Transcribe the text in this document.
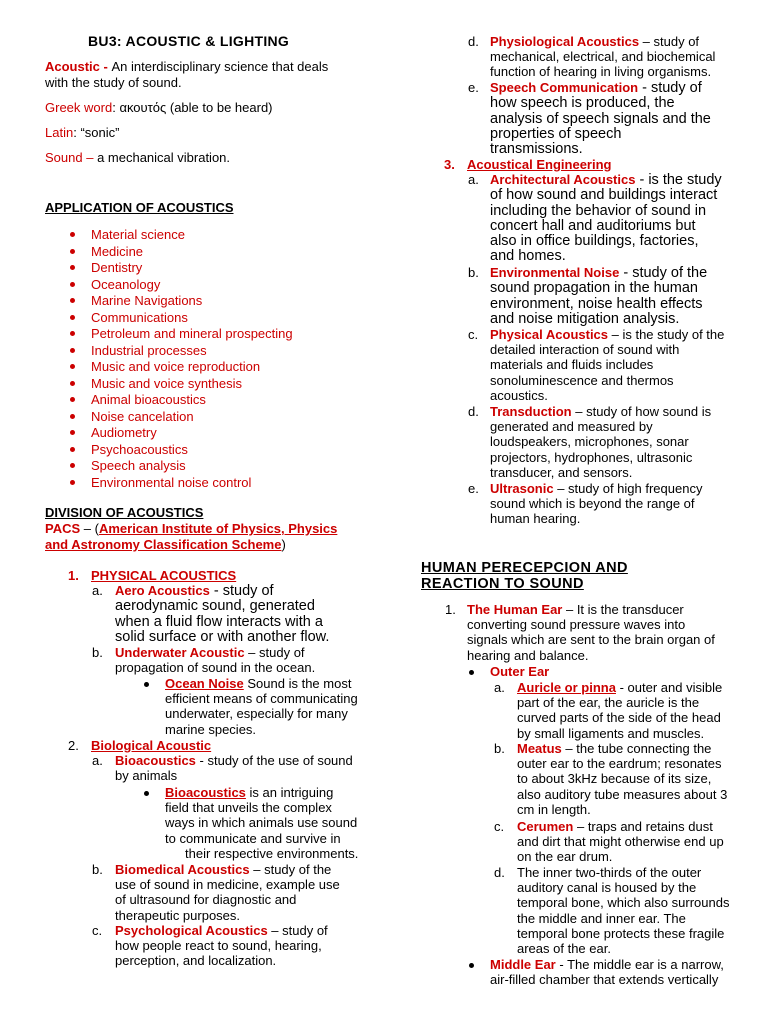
BU3: ACOUSTIC & LIGHTING
Acoustic - An interdisciplinary science that deals
with the study of sound.
Greek word: ακουτός (able to be heard)
Latin: “sonic”
Sound – a mechanical vibration.
APPLICATION OF ACOUSTICS
Material science
Medicine
Dentistry
Oceanology
Marine Navigations
Communications
Petroleum and mineral prospecting
Industrial processes
Music and voice reproduction
Music and voice synthesis
Animal bioacoustics
Noise cancelation
Audiometry
Psychoacoustics
Speech analysis
Environmental noise control
DIVISION OF ACOUSTICS
PACS – (American Institute of Physics, Physics
and Astronomy Classification Scheme)
1. PHYSICAL ACOUSTICS
a. Aero Acoustics - study of
aerodynamic sound, generated
when a fluid flow interacts with a
solid surface or with another flow.
b. Underwater Acoustic – study of
propagation of sound in the ocean.
Ocean Noise Sound is the most
efficient means of communicating
underwater, especially for many
marine species.
2. Biological Acoustic
a. Bioacoustics - study of the use of sound
by animals
Bioacoustics is an intriguing
field that unveils the complex
ways in which animals use sound
to communicate and survive in
their respective environments.
b. Biomedical Acoustics – study of the
use of sound in medicine, example use
of ultrasound for diagnostic and
therapeutic purposes.
c. Psychological Acoustics – study of
how people react to sound, hearing,
perception, and localization.
d. Physiological Acoustics – study of
mechanical, electrical, and biochemical
function of hearing in living organisms.
e. Speech Communication - study of
how speech is produced, the
analysis of speech signals and the
properties of speech
transmissions.
3. Acoustical Engineering
a. Architectural Acoustics - is the study
of how sound and buildings interact
including the behavior of sound in
concert hall and auditoriums but
also in office buildings, factories,
and homes.
b. Environmental Noise - study of the
sound propagation in the human
environment, noise health effects
and noise mitigation analysis.
c. Physical Acoustics – is the study of the
detailed interaction of sound with
materials and fluids includes
sonoluminescence and thermos
acoustics.
d. Transduction – study of how sound is
generated and measured by
loudspeakers, microphones, sonar
projectors, hydrophones, ultrasonic
transducer, and sensors.
e. Ultrasonic – study of high frequency
sound which is beyond the range of
human hearing.
HUMAN PERECEPCION AND
REACTION TO SOUND
1. The Human Ear – It is the transducer
converting sound pressure waves into
signals which are sent to the brain organ of
hearing and balance.
Outer Ear
a. Auricle or pinna - outer and visible
part of the ear, the auricle is the
curved parts of the side of the head
by small ligaments and muscles.
b. Meatus – the tube connecting the
outer ear to the eardrum; resonates
to about 3kHz because of its size,
also auditory tube measures about 3
cm in length.
c. Cerumen – traps and retains dust
and dirt that might otherwise end up
on the ear drum.
d. The inner two-thirds of the outer
auditory canal is housed by the
temporal bone, which also surrounds
the middle and inner ear. The
temporal bone protects these fragile
areas of the ear.
Middle Ear - The middle ear is a narrow,
air-filled chamber that extends vertically
